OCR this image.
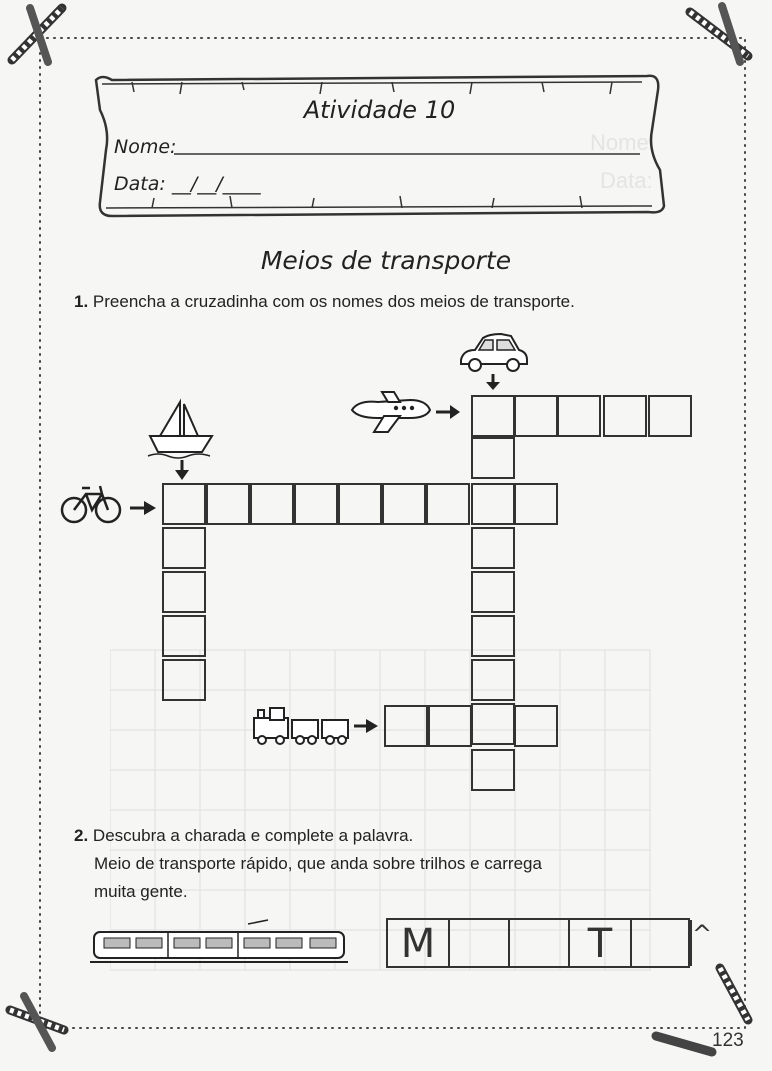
Nome:
Data:
Atividade 10
Nome:
Data: __/__/____
Meios de transporte
1. Preencha a cruzadinha com os nomes dos meios de transporte.
2. Descubra a charada e complete a palavra.
Meio de transporte rápido, que anda sobre trilhos e carrega
muita gente.
M	T	^
123
